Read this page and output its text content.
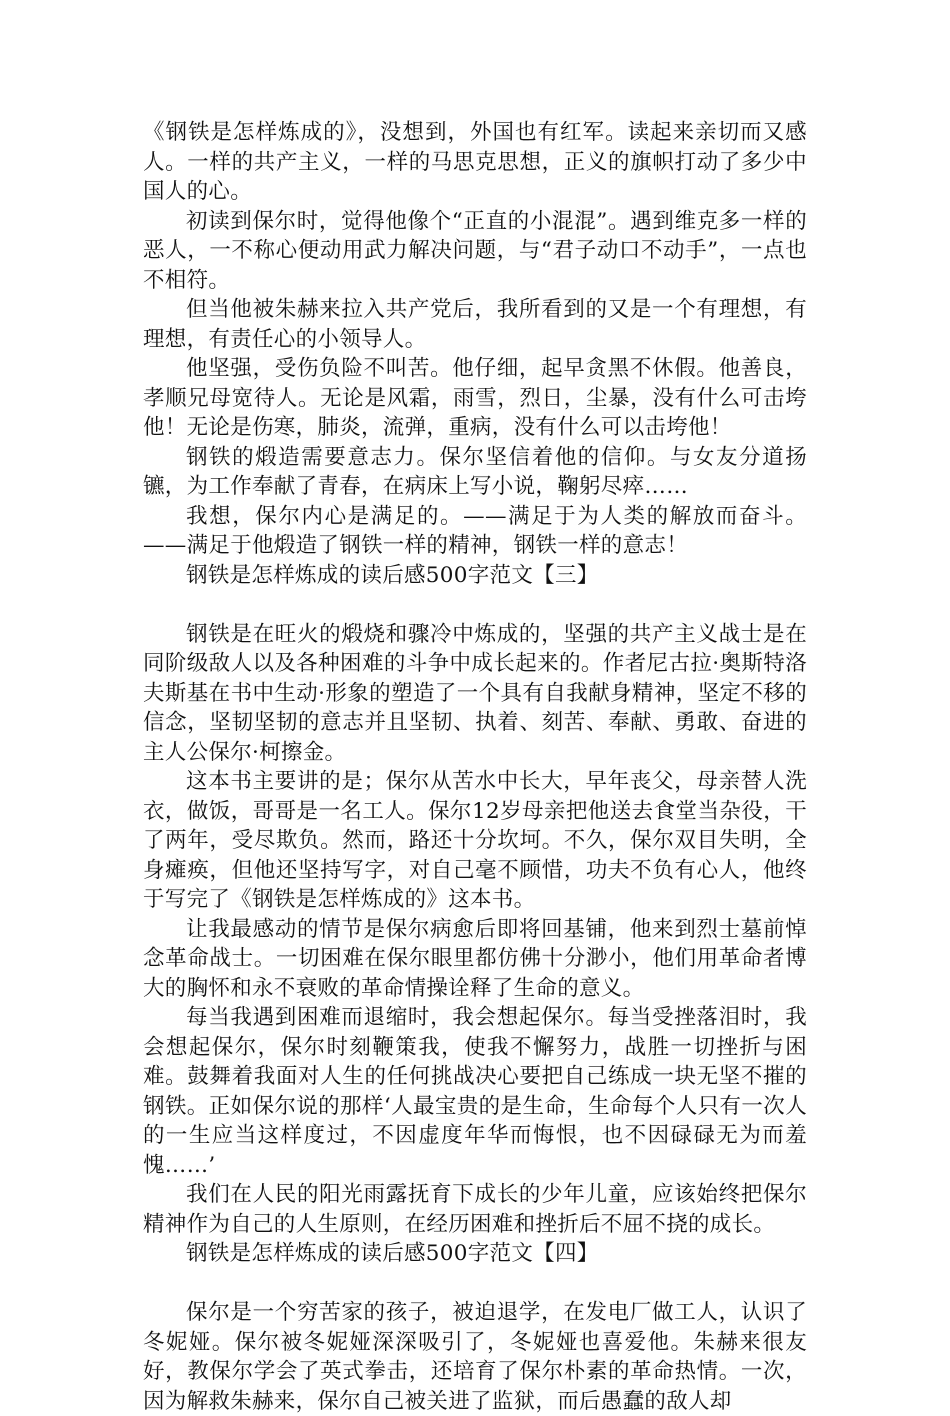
《钢铁是怎样炼成的》，没想到，外国也有红军。读起来亲切而又感人。一样的共产主义，一样的马思克思想，正义的旗帜打动了多少中国人的心。

初读到保尔时，觉得他像个“正直的小混混”。遇到维克多一样的恶人，一不称心便动用武力解决问题，与“君子动口不动手”，一点也不相符。

但当他被朱赫来拉入共产党后，我所看到的又是一个有理想，有理想，有责任心的小领导人。

他坚强，受伤负险不叫苦。他仔细，起早贪黑不休假。他善良，孝顺兄母宽待人。无论是风霜，雨雪，烈日，尘暴，没有什么可击垮他！无论是伤寒，肺炎，流弹，重病，没有什么可以击垮他！

钢铁的煅造需要意志力。保尔坚信着他的信仰。与女友分道扬镳，为工作奉献了青春，在病床上写小说，鞠躬尽瘁……

我想，保尔内心是满足的。——满足于为人类的解放而奋斗。——满足于他煅造了钢铁一样的精神，钢铁一样的意志！

钢铁是怎样炼成的读后感500字范文【三】

钢铁是在旺火的煅烧和骤冷中炼成的，坚强的共产主义战士是在同阶级敌人以及各种困难的斗争中成长起来的。作者尼古拉·奥斯特洛夫斯基在书中生动·形象的塑造了一个具有自我献身精神，坚定不移的信念，坚韧坚韧的意志并且坚韧、执着、刻苦、奉献、勇敢、奋进的主人公保尔·柯擦金。

这本书主要讲的是；保尔从苦水中长大，早年丧父，母亲替人洗衣，做饭，哥哥是一名工人。保尔12岁母亲把他送去食堂当杂役，干了两年，受尽欺负。然而，路还十分坎坷。不久，保尔双目失明，全身瘫痪，但他还坚持写字，对自己毫不顾惜，功夫不负有心人，他终于写完了《钢铁是怎样炼成的》这本书。

让我最感动的情节是保尔病愈后即将回基铺，他来到烈士墓前悼念革命战士。一切困难在保尔眼里都仿佛十分渺小，他们用革命者博大的胸怀和永不衰败的革命情操诠释了生命的意义。

每当我遇到困难而退缩时，我会想起保尔。每当受挫落泪时，我会想起保尔，保尔时刻鞭策我，使我不懈努力，战胜一切挫折与困难。鼓舞着我面对人生的任何挑战决心要把自己练成一块无坚不摧的钢铁。正如保尔说的那样‘人最宝贵的是生命，生命每个人只有一次人的一生应当这样度过，不因虚度年华而悔恨，也不因碌碌无为而羞愧……’

我们在人民的阳光雨露抚育下成长的少年儿童，应该始终把保尔精神作为自己的人生原则，在经历困难和挫折后不屈不挠的成长。

钢铁是怎样炼成的读后感500字范文【四】

保尔是一个穷苦家的孩子，被迫退学，在发电厂做工人，认识了冬妮娅。保尔被冬妮娅深深吸引了，冬妮娅也喜爱他。朱赫来很友好，教保尔学会了英式拳击，还培育了保尔朴素的革命热情。一次，因为解救朱赫来，保尔自己被关进了监狱，而后愚蠢的敌人却
